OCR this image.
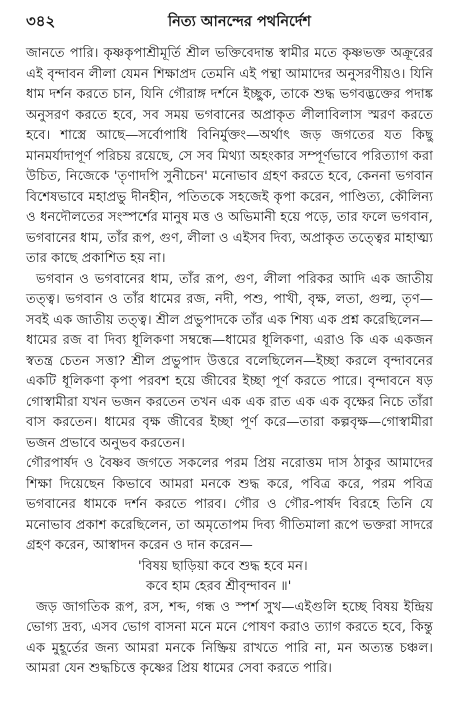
৩৪২	নিত্য আনন্দের পথনির্দেশ

জানতে পারি। কৃষ্ণকৃপাশ্রীমূর্তি শ্রীল ভক্তিবেদান্ত স্বামীর মতে কৃষ্ণভক্ত অক্রূরের এই বৃন্দাবন লীলা যেমন শিক্ষাপ্রদ তেমনি এই পন্থা আমাদের অনুসরণীয়ও। যিনি ধাম দর্শন করতে চান, যিনি গৌরাঙ্গ দর্শনে ইচ্ছুক, তাকে শুদ্ধ ভগবদ্ভক্তের পদাঙ্ক অনুসরণ করতে হবে, সব সময় ভগবানের অপ্রাকৃত লীলাবিলাস স্মরণ করতে হবে। শাস্ত্রে আছে—সর্বোপাধি বিনির্মুক্তং—অর্থাৎ জড় জগতের যত কিছু মানমর্যাদাপূর্ণ পরিচয় রয়েছে, সে সব মিথ্যা অহংকার সম্পূর্ণভাবে পরিত্যাগ করা উচিত, নিজেকে 'তৃণাদপি সুনীচেন' মনোভাব গ্রহণ করতে হবে, কেননা ভগবান বিশেষভাবে মহাপ্রভু দীনহীন, পতিতকে সহজেই কৃপা করেন, পাণ্ডিত্য, কৌলিন্য ও ধনদৌলতের সংস্পর্শের মানুষ মত্ত ও অভিমানী হয়ে পড়ে, তার ফলে ভগবান, ভগবানের ধাম, তাঁর রূপ, গুণ, লীলা ও এইসব দিব্য, অপ্রাকৃত তত্ত্বের মাহাত্ম্য তার কাছে প্রকাশিত হয় না।

ভগবান ও ভগবানের ধাম, তাঁর রূপ, গুণ, লীলা পরিকর আদি এক জাতীয় তত্ত্ব। ভগবান ও তাঁর ধামের রজ, নদী, পশু, পাখী, বৃক্ষ, লতা, গুল্ম, তৃণ—সবই এক জাতীয় তত্ত্ব। শ্রীল প্রভুপাদকে তাঁর এক শিষ্য এক প্রশ্ন করেছিলেন—ধামের রজ বা দিব্য ধূলিকণা সম্বন্ধে—ধামের ধূলিকণা, এরাও কি এক একজন স্বতন্ত্র চেতন সত্তা? শ্রীল প্রভুপাদ উত্তরে বলেছিলেন—ইচ্ছা করলে বৃন্দাবনের একটি ধূলিকণা কৃপা পরবশ হয়ে জীবের ইচ্ছা পূর্ণ করতে পারে। বৃন্দাবনে ষড় গোস্বামীরা যখন ভজন করতেন তখন এক এক রাত এক এক বৃক্ষের নিচে তাঁরা বাস করতেন। ধামের বৃক্ষ জীবের ইচ্ছা পূর্ণ করে—তারা কল্পবৃক্ষ—গোস্বামীরা ভজন প্রভাবে অনুভব করতেন।

গৌরপার্ষদ ও বৈষ্ণব জগতে সকলের পরম প্রিয় নরোত্তম দাস ঠাকুর আমাদের শিক্ষা দিয়েছেন কিভাবে আমরা মনকে শুদ্ধ করে, পবিত্র করে, পরম পবিত্র ভগবানের ধামকে দর্শন করতে পারব। গৌর ও গৌর-পার্ষদ বিরহে তিনি যে মনোভাব প্রকাশ করেছিলেন, তা অমৃতোপম দিব্য গীতিমালা রূপে ভক্তরা সাদরে গ্রহণ করেন, আস্বাদন করেন ও দান করেন—

'বিষয় ছাড়িয়া কবে শুদ্ধ হবে মন।

কবে হাম হেরব শ্রীবৃন্দাবন ॥'

জড় জাগতিক রূপ, রস, শব্দ, গন্ধ ও স্পর্শ সুখ—এইগুলি হচ্ছে বিষয় ইন্দ্রিয় ভোগ্য দ্রব্য, এসব ভোগ বাসনা মনে মনে পোষণ করাও ত্যাগ করতে হবে, কিন্তু এক মুহূর্তের জন্য আমরা মনকে নিষ্ক্রিয় রাখতে পারি না, মন অত্যন্ত চঞ্চল। আমরা যেন শুদ্ধচিত্তে কৃষ্ণের প্রিয় ধামের সেবা করতে পারি।
